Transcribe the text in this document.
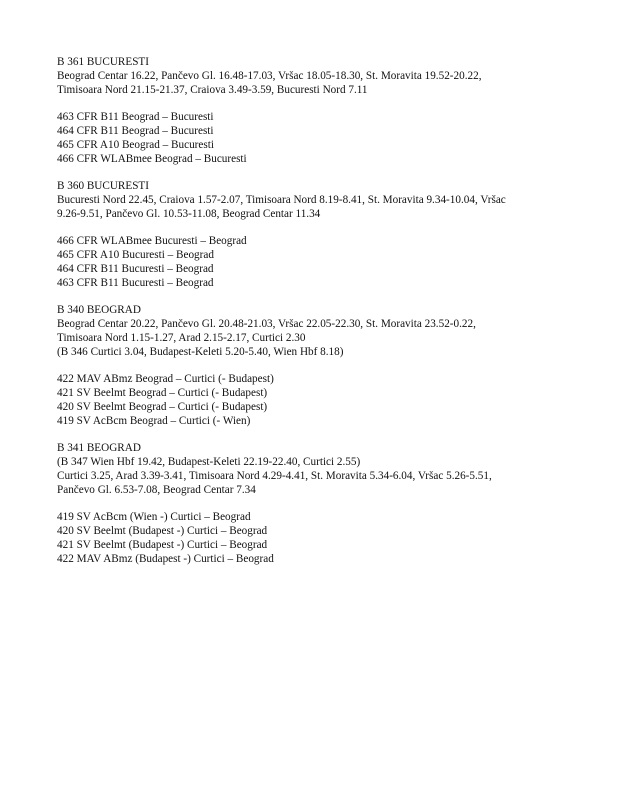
B 361 BUCURESTI
Beograd Centar 16.22, Pančevo Gl. 16.48-17.03, Vršac 18.05-18.30, St. Moravita 19.52-20.22,
Timisoara Nord 21.15-21.37, Craiova 3.49-3.59, Bucuresti Nord 7.11
463 CFR B11 Beograd – Bucuresti
464 CFR B11 Beograd – Bucuresti
465 CFR A10 Beograd – Bucuresti
466 CFR WLABmee Beograd – Bucuresti
B 360 BUCURESTI
Bucuresti Nord 22.45, Craiova 1.57-2.07, Timisoara Nord 8.19-8.41, St. Moravita 9.34-10.04, Vršac
9.26-9.51, Pančevo Gl. 10.53-11.08, Beograd Centar 11.34
466 CFR WLABmee Bucuresti – Beograd
465 CFR A10 Bucuresti – Beograd
464 CFR B11 Bucuresti – Beograd
463 CFR B11 Bucuresti – Beograd
B 340 BEOGRAD
Beograd Centar 20.22, Pančevo Gl. 20.48-21.03, Vršac 22.05-22.30, St. Moravita 23.52-0.22,
Timisoara Nord 1.15-1.27, Arad 2.15-2.17, Curtici 2.30
(B 346 Curtici 3.04, Budapest-Keleti 5.20-5.40, Wien Hbf 8.18)
422 MAV ABmz Beograd – Curtici (- Budapest)
421 SV Beelmt Beograd – Curtici (- Budapest)
420 SV Beelmt Beograd – Curtici (- Budapest)
419 SV AcBcm Beograd – Curtici (- Wien)
B 341 BEOGRAD
(B 347 Wien Hbf 19.42, Budapest-Keleti 22.19-22.40, Curtici 2.55)
Curtici 3.25, Arad 3.39-3.41, Timisoara Nord 4.29-4.41, St. Moravita 5.34-6.04, Vršac 5.26-5.51,
Pančevo Gl. 6.53-7.08, Beograd Centar 7.34
419 SV AcBcm (Wien -) Curtici – Beograd
420 SV Beelmt (Budapest -) Curtici – Beograd
421 SV Beelmt (Budapest -) Curtici – Beograd
422 MAV ABmz (Budapest -) Curtici – Beograd
